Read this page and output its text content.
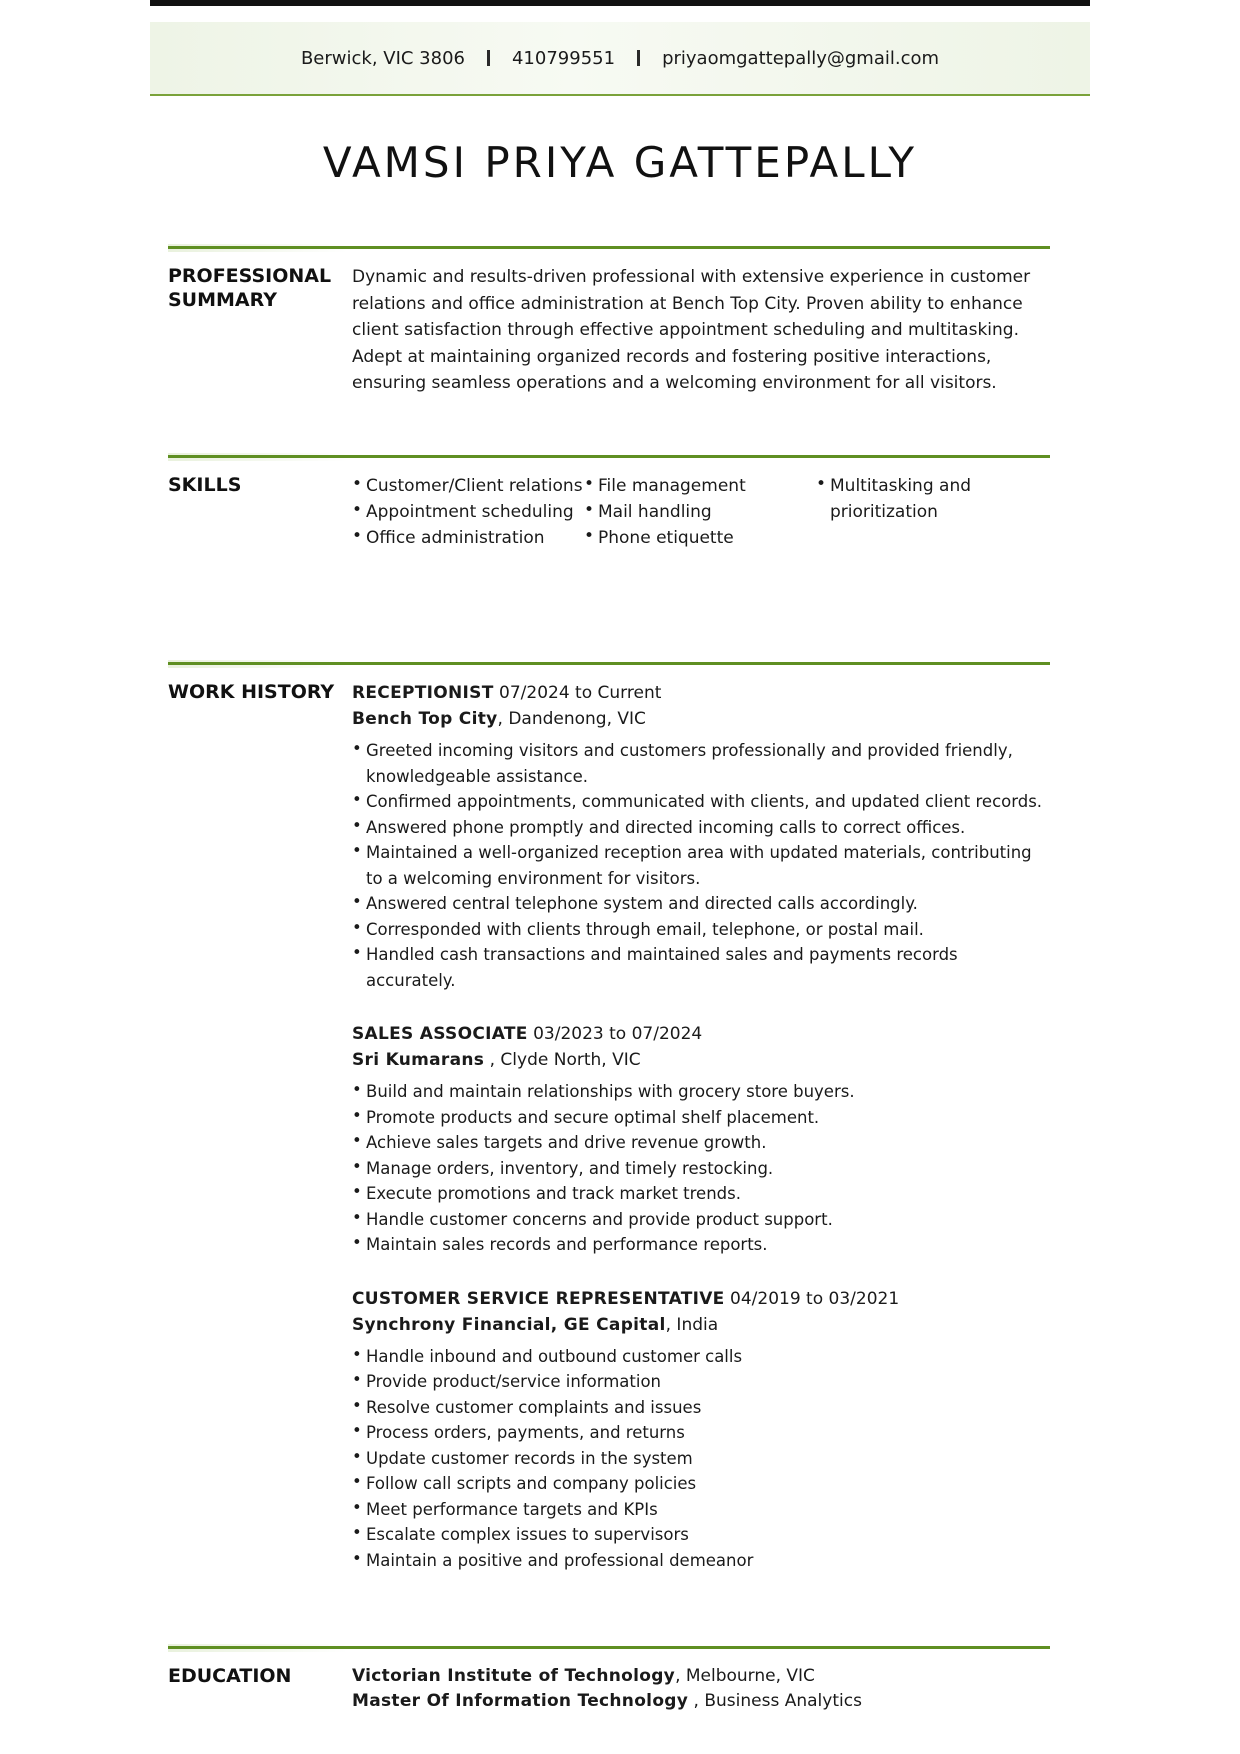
Berwick, VIC 3806	410799551	priyaomgattepally@gmail.com
VAMSI PRIYA GATTEPALLY
PROFESSIONAL SUMMARY

Dynamic and results-driven professional with extensive experience in customer relations and office administration at Bench Top City. Proven ability to enhance client satisfaction through effective appointment scheduling and multitasking. Adept at maintaining organized records and fostering positive interactions, ensuring seamless operations and a welcoming environment for all visitors.

SKILLS
•	Customer/Client relations
• Appointment scheduling
• Office administration
• File management
• Mail handling
• Phone etiquette
• Multitasking and prioritization
WORK HISTORY	RECEPTIONIST 07/2024 to Current
Bench Top City, Dandenong, VIC
• Greeted incoming visitors and customers professionally and provided friendly, knowledgeable assistance.
• Confirmed appointments, communicated with clients, and updated client records.
• Answered phone promptly and directed incoming calls to correct offices.
• Maintained a well-organized reception area with updated materials, contributing to a welcoming environment for visitors.
• Answered central telephone system and directed calls accordingly.
• Corresponded with clients through email, telephone, or postal mail.
• Handled cash transactions and maintained sales and payments records accurately.
SALES ASSOCIATE 03/2023 to 07/2024
Sri Kumarans , Clyde North, VIC
• Build and maintain relationships with grocery store buyers.
• Promote products and secure optimal shelf placement.
• Achieve sales targets and drive revenue growth.
• Manage orders, inventory, and timely restocking.
• Execute promotions and track market trends.
• Handle customer concerns and provide product support.
• Maintain sales records and performance reports.
CUSTOMER SERVICE REPRESENTATIVE 04/2019 to 03/2021
Synchrony Financial, GE Capital, India
• Handle inbound and outbound customer calls
• Provide product/service information
• Resolve customer complaints and issues
• Process orders, payments, and returns
• Update customer records in the system
• Follow call scripts and company policies
• Meet performance targets and KPIs
• Escalate complex issues to supervisors
• Maintain a positive and professional demeanor
EDUCATION	Victorian Institute of Technology, Melbourne, VIC
Master Of Information Technology , Business Analytics
